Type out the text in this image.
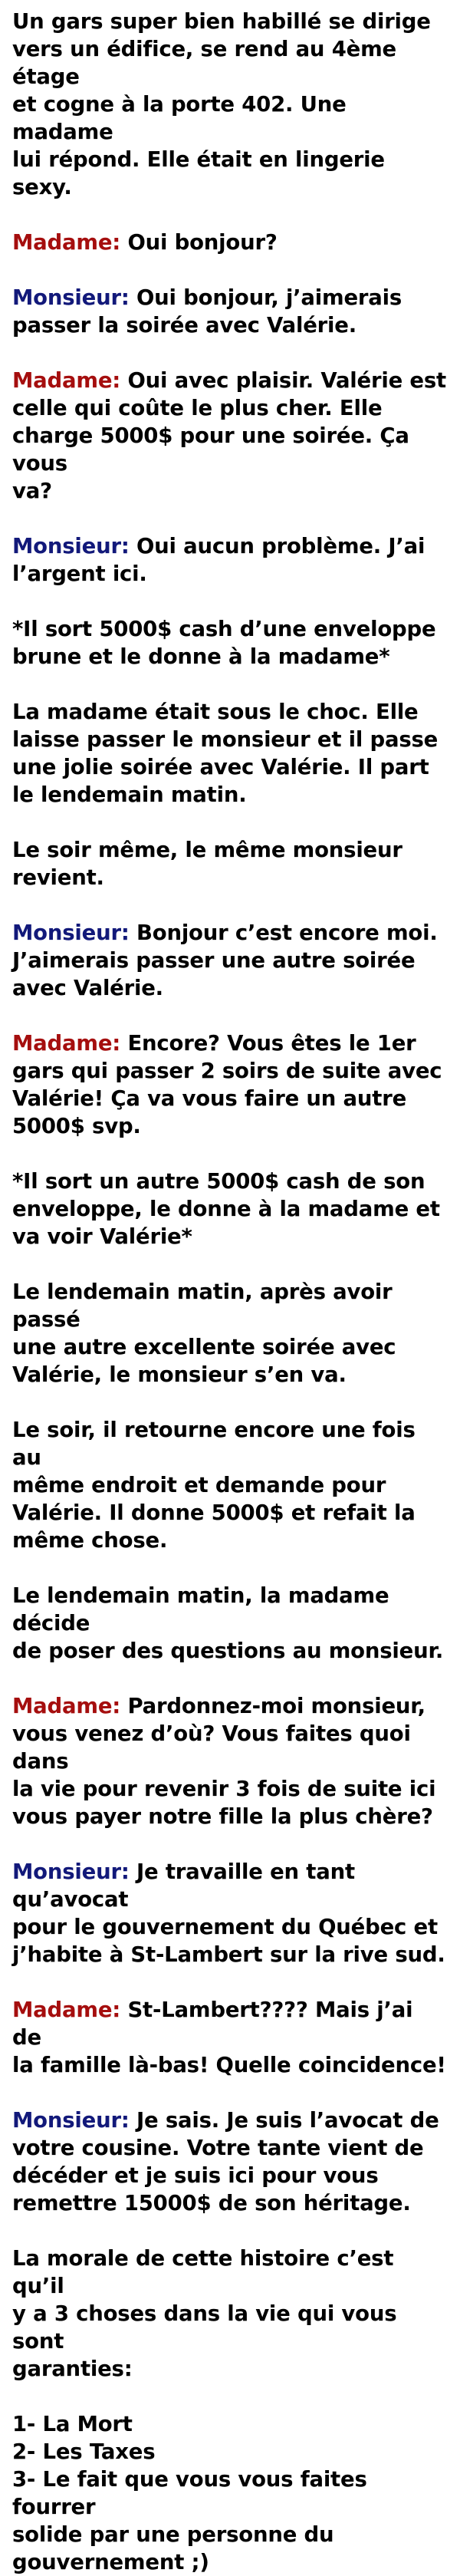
Un gars super bien habillé se dirige
vers un édifice, se rend au 4ème étage
et cogne à la porte 402. Une madame
lui répond. Elle était en lingerie sexy.

Madame: Oui bonjour?

Monsieur: Oui bonjour, j’aimerais
passer la soirée avec Valérie.

Madame: Oui avec plaisir. Valérie est
celle qui coûte le plus cher. Elle
charge 5000$ pour une soirée. Ça vous
va?

Monsieur: Oui aucun problème. J’ai
l’argent ici.

*Il sort 5000$ cash d’une enveloppe
brune et le donne à la madame*

La madame était sous le choc. Elle
laisse passer le monsieur et il passe
une jolie soirée avec Valérie. Il part
le lendemain matin.

Le soir même, le même monsieur
revient.

Monsieur: Bonjour c’est encore moi.
J’aimerais passer une autre soirée
avec Valérie.

Madame: Encore? Vous êtes le 1er
gars qui passer 2 soirs de suite avec
Valérie! Ça va vous faire un autre
5000$ svp.

*Il sort un autre 5000$ cash de son
enveloppe, le donne à la madame et
va voir Valérie*

Le lendemain matin, après avoir passé
une autre excellente soirée avec
Valérie, le monsieur s’en va.

Le soir, il retourne encore une fois au
même endroit et demande pour
Valérie. Il donne 5000$ et refait la
même chose.

Le lendemain matin, la madame décide
de poser des questions au monsieur.

Madame: Pardonnez-moi monsieur,
vous venez d’où? Vous faites quoi dans
la vie pour revenir 3 fois de suite ici
vous payer notre fille la plus chère?

Monsieur: Je travaille en tant qu’avocat
pour le gouvernement du Québec et
j’habite à St-Lambert sur la rive sud.

Madame: St-Lambert???? Mais j’ai de
la famille là-bas! Quelle coincidence!

Monsieur: Je sais. Je suis l’avocat de
votre cousine. Votre tante vient de
décéder et je suis ici pour vous
remettre 15000$ de son héritage.

La morale de cette histoire c’est qu’il
y a 3 choses dans la vie qui vous sont
garanties:

1- La Mort
2- Les Taxes
3- Le fait que vous vous faites fourrer
solide par une personne du
gouvernement ;)
